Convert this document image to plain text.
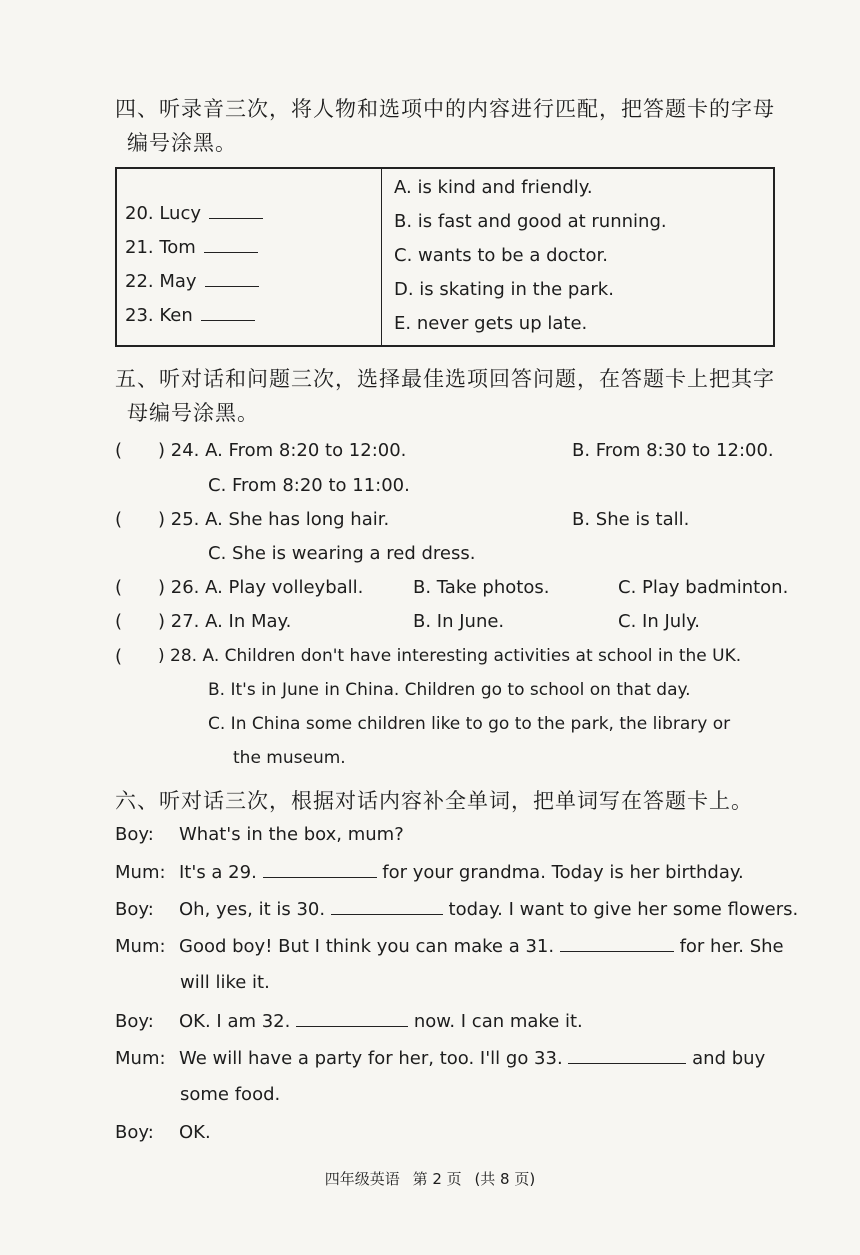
四、听录音三次，将人物和选项中的内容进行匹配，把答题卡的字母
编号涂黑。
20. Lucy
21. Tom
22. May
23. Ken
A. is kind and friendly.
B. is fast and good at running.
C. wants to be a doctor.
D. is skating in the park.
E. never gets up late.
五、听对话和问题三次，选择最佳选项回答问题，在答题卡上把其字
母编号涂黑。
( ) 24. A. From 8:20 to 12:00.	B. From 8:30 to 12:00.
C. From 8:20 to 11:00.
( ) 25. A. She has long hair.	B. She is tall.
C. She is wearing a red dress.
( ) 26. A. Play volleyball.	B. Take photos.	C. Play badminton.
( ) 27. A. In May.	B. In June.	C. In July.
( ) 28. A. Children don't have interesting activities at school in the UK.
B. It's in June in China. Children go to school on that day.
C. In China some children like to go to the park, the library or
the museum.
六、听对话三次，根据对话内容补全单词，把单词写在答题卡上。
Boy: What's in the box, mum?
Mum: It's a 29.	for your grandma. Today is her birthday.
Boy: Oh, yes, it is 30.	today. I want to give her some flowers.
Mum: Good boy! But I think you can make a 31.	for her. She
will like it.
Boy: OK. I am 32.	now. I can make it.
Mum: We will have a party for her, too. I'll go 33.	and buy
some food.
Boy: OK.
四年级英语 第 2 页 (共 8 页)
